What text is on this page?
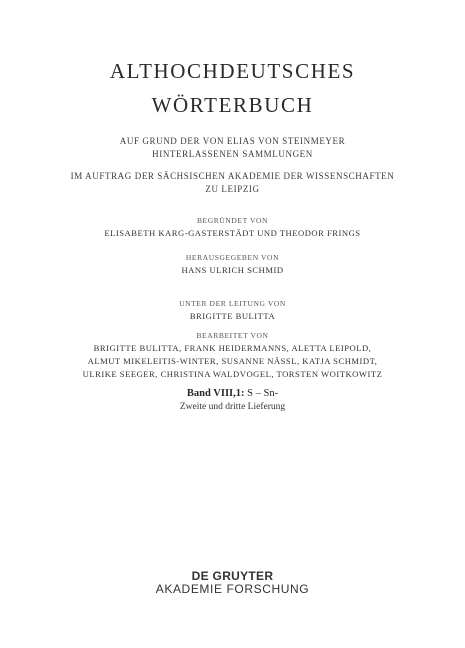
ALTHOCHDEUTSCHES
WÖRTERBUCH
AUF GRUND DER VON ELIAS VON STEINMEYER
HINTERLASSENEN SAMMLUNGEN
IM AUFTRAG DER SÄCHSISCHEN AKADEMIE DER WISSENSCHAFTEN
ZU LEIPZIG
BEGRÜNDET VON
ELISABETH KARG-GASTERSTÄDT UND THEODOR FRINGS
HERAUSGEGEBEN VON
HANS ULRICH SCHMID
UNTER DER LEITUNG VON
BRIGITTE BULITTA
BEARBEITET VON
BRIGITTE BULITTA, FRANK HEIDERMANNS, ALETTA LEIPOLD,
ALMUT MIKELEITIS-WINTER, SUSANNE NÄSSL, KATJA SCHMIDT,
ULRIKE SEEGER, CHRISTINA WALDVOGEL, TORSTEN WOITKOWITZ
Band VIII,1: S – Sn-
Zweite und dritte Lieferung
DE GRUYTER
AKADEMIE FORSCHUNG
